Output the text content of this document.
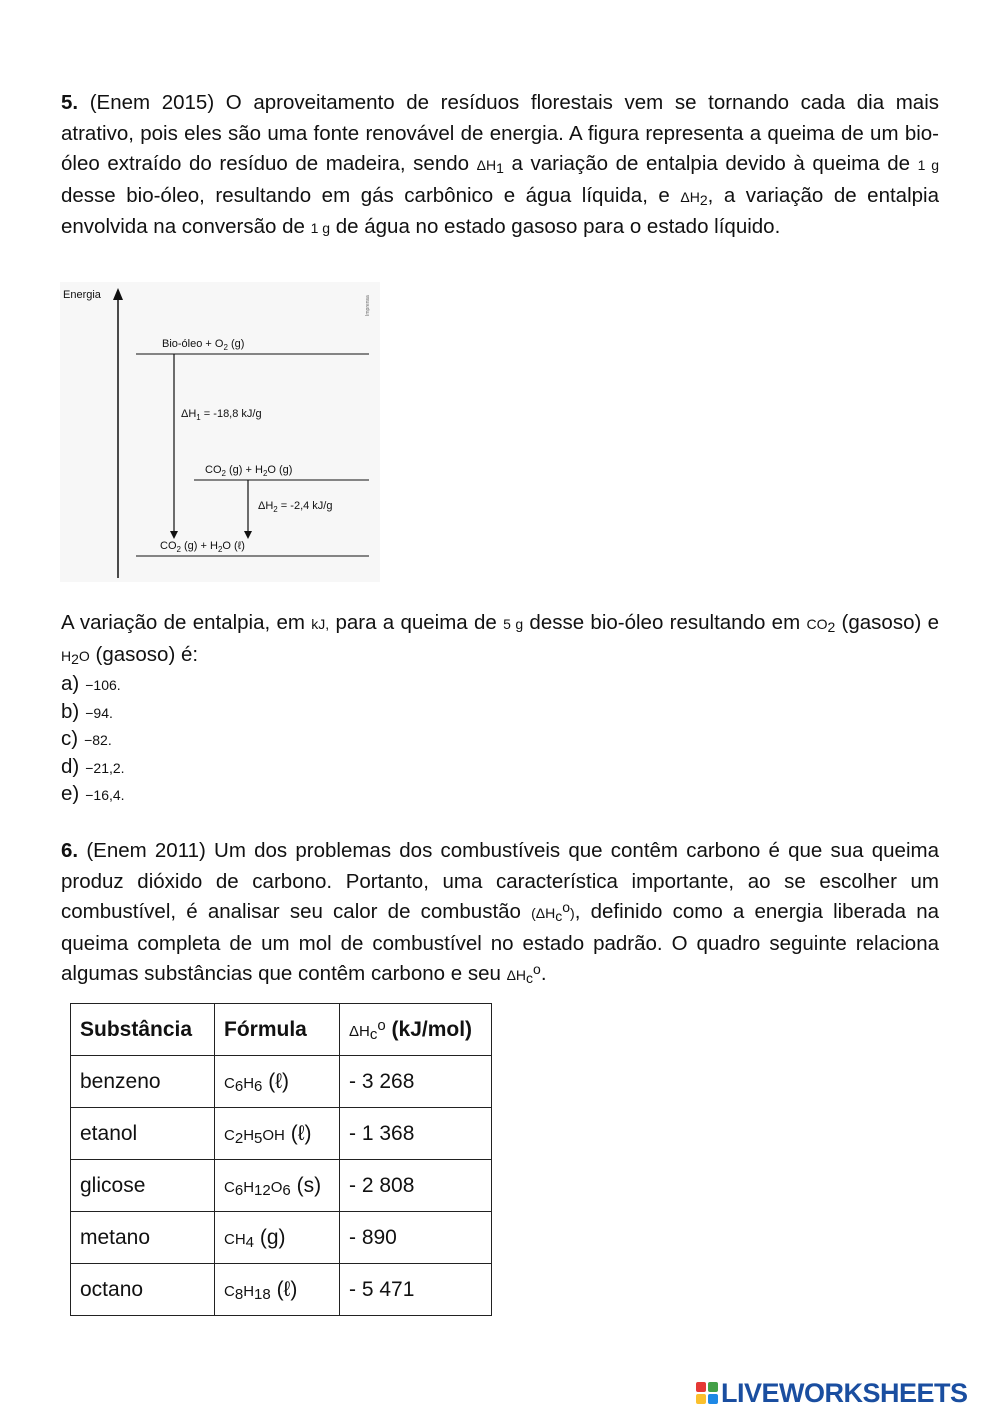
5. (Enem 2015) O aproveitamento de resíduos florestais vem se tornando cada dia mais atrativo, pois eles são uma fonte renovável de energia. A figura representa a queima de um bio-óleo extraído do resíduo de madeira, sendo $\Delta H_1$ a variação de entalpia devido à queima de 1 g desse bio-óleo, resultando em gás carbônico e água líquida, e $\Delta H_2$, a variação de entalpia envolvida na conversão de 1 g de água no estado gasoso para o estado líquido.
Energia
Imprensa
Bio-óleo + $O_2$ (g)
$\Delta H_1 = -18,8$ kJ/g
$CO_2$ $(g) + H_2O$ (g)
$\Delta H_2 = -2,4$ kJ/g
$CO_2$ $(g) + H_2O$ (ℓ)
A variação de entalpia, em kJ, para a queima de 5 g desse bio-óleo resultando em $CO_2$ (gasoso) e $H_2O$ (gasoso) é:
a) −106.
b) −94.
c) −82.
d) −21,2.
e) −16,4.
6. (Enem 2011) Um dos problemas dos combustíveis que contêm carbono é que sua queima produz dióxido de carbono. Portanto, uma característica importante, ao se escolher um combustível, é analisar seu calor de combustão $(\Delta H_c^o)$, definido como a energia liberada na queima completa de um mol de combustível no estado padrão. O quadro seguinte relaciona algumas substâncias que contêm carbono e seu $\Delta H_c^o$.
Substância	Fórmula	$\Delta H_c^o$ (kJ/mol)
benzeno	$C_6H_6$ (ℓ)	- 3 268
etanol	$C_2H_5OH$ (ℓ)	- 1 368
glicose	$C_6H_{12}O_6$ (s)	- 2 808
metano	$CH_4$ (g)	- 890
octano	$C_8H_{18}$ (ℓ)	- 5 471
LIVEWORKSHEETS
